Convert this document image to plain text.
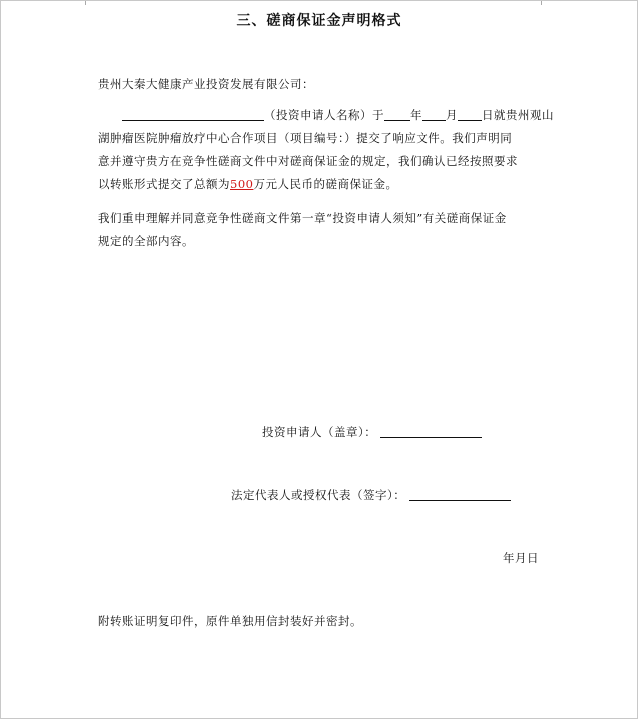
三、磋商保证金声明格式
贵州大秦大健康产业投资发展有限公司：
（投资申请人名称）于 年 月 日就贵州观山
湖肿瘤医院肿瘤放疗中心合作项目（项目编号：）提交了响应文件。我们声明同
意并遵守贵方在竞争性磋商文件中对磋商保证金的规定，我们确认已经按照要求
以转账形式提交了总额为500万元人民币的磋商保证金。
我们重申理解并同意竞争性磋商文件第一章“投资申请人须知”有关磋商保证金
规定的全部内容。
投资申请人（盖章）：
法定代表人或授权代表（签字）：
年月日
附转账证明复印件，原件单独用信封装好并密封。
